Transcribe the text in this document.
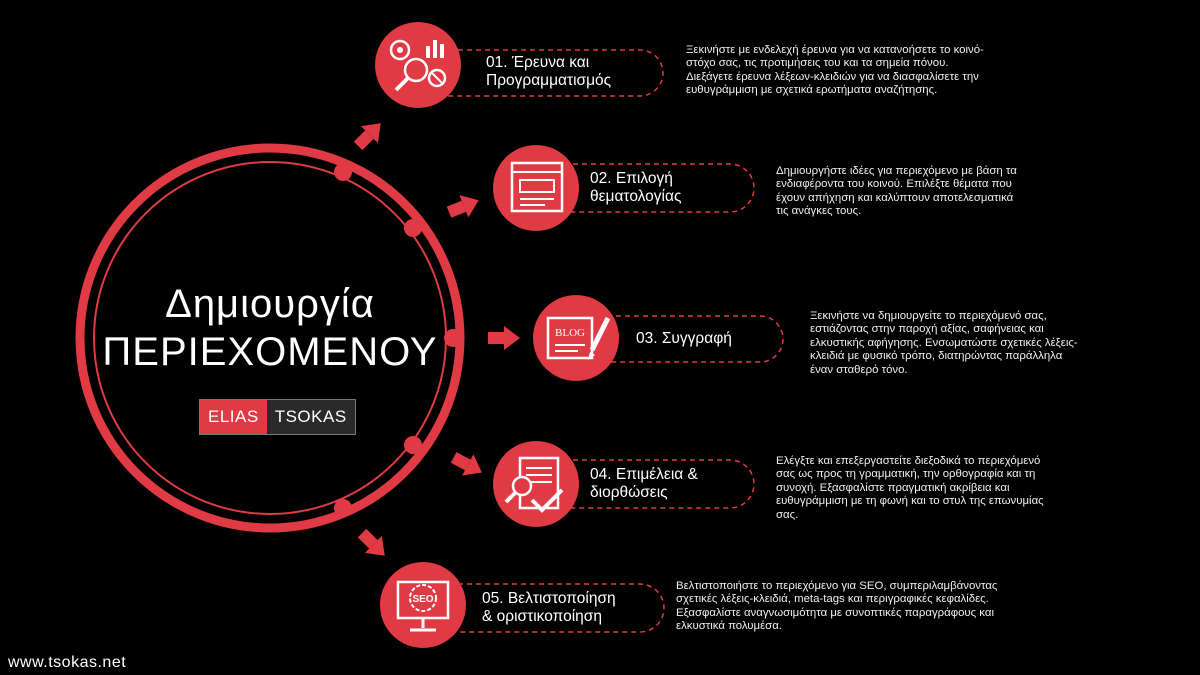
BLOG
SEO
Δημιουργία
ΠΕΡΙΕΧΟΜΕΝΟΥ
ELIAS TSOKAS
01. Έρευνα και
Προγραμματισμός
02. Επιλογή
θεματολογίας
03. Συγγραφή
04. Επιμέλεια &
διορθώσεις
05. Βελτιστοποίηση
& οριστικοποίηση
Ξεκινήστε με ενδελεχή έρευνα για να κατανοήσετε το κοινό-
στόχο σας, τις προτιμήσεις του και τα σημεία πόνου.
Διεξάγετε έρευνα λέξεων-κλειδιών για να διασφαλίσετε την
ευθυγράμμιση με σχετικά ερωτήματα αναζήτησης.
Δημιουργήστε ιδέες για περιεχόμενο με βάση τα
ενδιαφέροντα του κοινού. Επιλέξτε θέματα που
έχουν απήχηση και καλύπτουν αποτελεσματικά
τις ανάγκες τους.
Ξεκινήστε να δημιουργείτε το περιεχόμενό σας,
εστιάζοντας στην παροχή αξίας, σαφήνειας και
ελκυστικής αφήγησης. Ενσωματώστε σχετικές λέξεις-
κλειδιά με φυσικό τρόπο, διατηρώντας παράλληλα
έναν σταθερό τόνο.
Ελέγξτε και επεξεργαστείτε διεξοδικά το περιεχόμενό
σας ως προς τη γραμματική, την ορθογραφία και τη
συνοχή. Εξασφαλίστε πραγματική ακρίβεια και
ευθυγράμμιση με τη φωνή και το στυλ της επωνυμίας
σας.
Βελτιστοποιήστε το περιεχόμενο για SEO, συμπεριλαμβάνοντας
σχετικές λέξεις-κλειδιά, meta-tags και περιγραφικές κεφαλίδες.
Εξασφαλίστε αναγνωσιμότητα με συνοπτικές παραγράφους και
ελκυστικά πολυμέσα.
www.tsokas.net
